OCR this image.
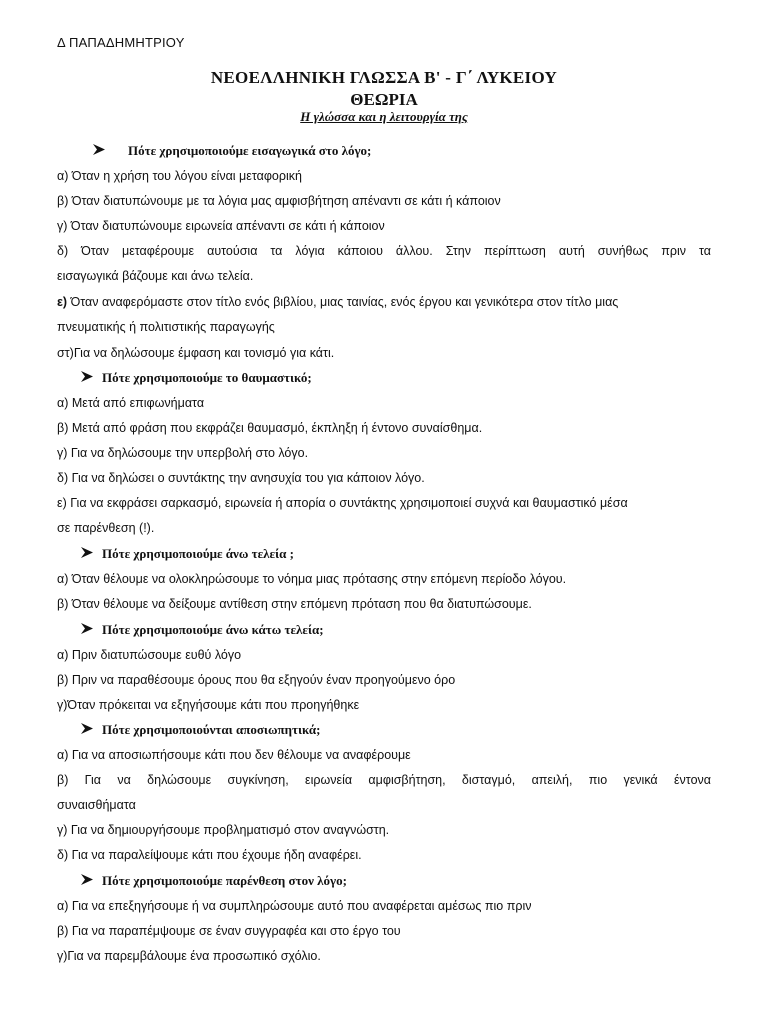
Δ ΠΑΠΑΔΗΜΗΤΡΙΟΥ
ΝΕΟΕΛΛΗΝΙΚΗ ΓΛΩΣΣΑ Β' - Γ΄ ΛΥΚΕΙΟΥ
ΘΕΩΡΙΑ
Η γλώσσα και η λειτουργία της
Πότε χρησιμοποιούμε εισαγωγικά στο λόγο;
α) Όταν η χρήση του λόγου είναι μεταφορική
β) Όταν διατυπώνουμε με τα λόγια μας αμφισβήτηση απέναντι σε κάτι ή κάποιον
γ) Όταν διατυπώνουμε ειρωνεία απέναντι σε κάτι ή κάποιον
δ) Όταν μεταφέρουμε αυτούσια τα λόγια κάποιου άλλου. Στην περίπτωση αυτή συνήθως πριν τα
εισαγωγικά βάζουμε και άνω τελεία.
ε) Όταν αναφερόμαστε στον τίτλο ενός βιβλίου, μιας ταινίας, ενός έργου και γενικότερα στον τίτλο μιας
πνευματικής ή πολιτιστικής παραγωγής
στ)Για να δηλώσουμε έμφαση και τονισμό για κάτι.
Πότε χρησιμοποιούμε το θαυμαστικό;
α) Μετά από επιφωνήματα
β) Μετά από φράση που εκφράζει θαυμασμό, έκπληξη ή έντονο συναίσθημα.
γ) Για να δηλώσουμε την υπερβολή στο λόγο.
δ) Για να δηλώσει ο συντάκτης την ανησυχία του για κάποιον λόγο.
ε) Για να εκφράσει σαρκασμό, ειρωνεία ή απορία ο συντάκτης χρησιμοποιεί συχνά και θαυμαστικό μέσα
σε παρένθεση (!).
Πότε χρησιμοποιούμε άνω τελεία ;
α) Όταν θέλουμε να ολοκληρώσουμε το νόημα μιας πρότασης στην επόμενη περίοδο λόγου.
β) Όταν θέλουμε να δείξουμε αντίθεση στην επόμενη πρόταση που θα διατυπώσουμε.
Πότε χρησιμοποιούμε άνω κάτω τελεία;
α) Πριν διατυπώσουμε ευθύ λόγο
β) Πριν να παραθέσουμε όρους που θα εξηγούν έναν προηγούμενο όρο
γ)Όταν πρόκειται να εξηγήσουμε κάτι που προηγήθηκε
Πότε χρησιμοποιούνται αποσιωπητικά;
α) Για να αποσιωπήσουμε κάτι που δεν θέλουμε να αναφέρουμε
β) Για να δηλώσουμε συγκίνηση, ειρωνεία αμφισβήτηση, δισταγμό, απειλή, πιο γενικά έντονα
συναισθήματα
γ) Για να δημιουργήσουμε προβληματισμό στον αναγνώστη.
δ) Για να παραλείψουμε κάτι που έχουμε ήδη αναφέρει.
Πότε χρησιμοποιούμε παρένθεση στον λόγο;
α) Για να επεξηγήσουμε ή να συμπληρώσουμε αυτό που αναφέρεται αμέσως πιο πριν
β) Για να παραπέμψουμε σε έναν συγγραφέα και στο έργο του
γ)Για να παρεμβάλουμε ένα προσωπικό σχόλιο.
